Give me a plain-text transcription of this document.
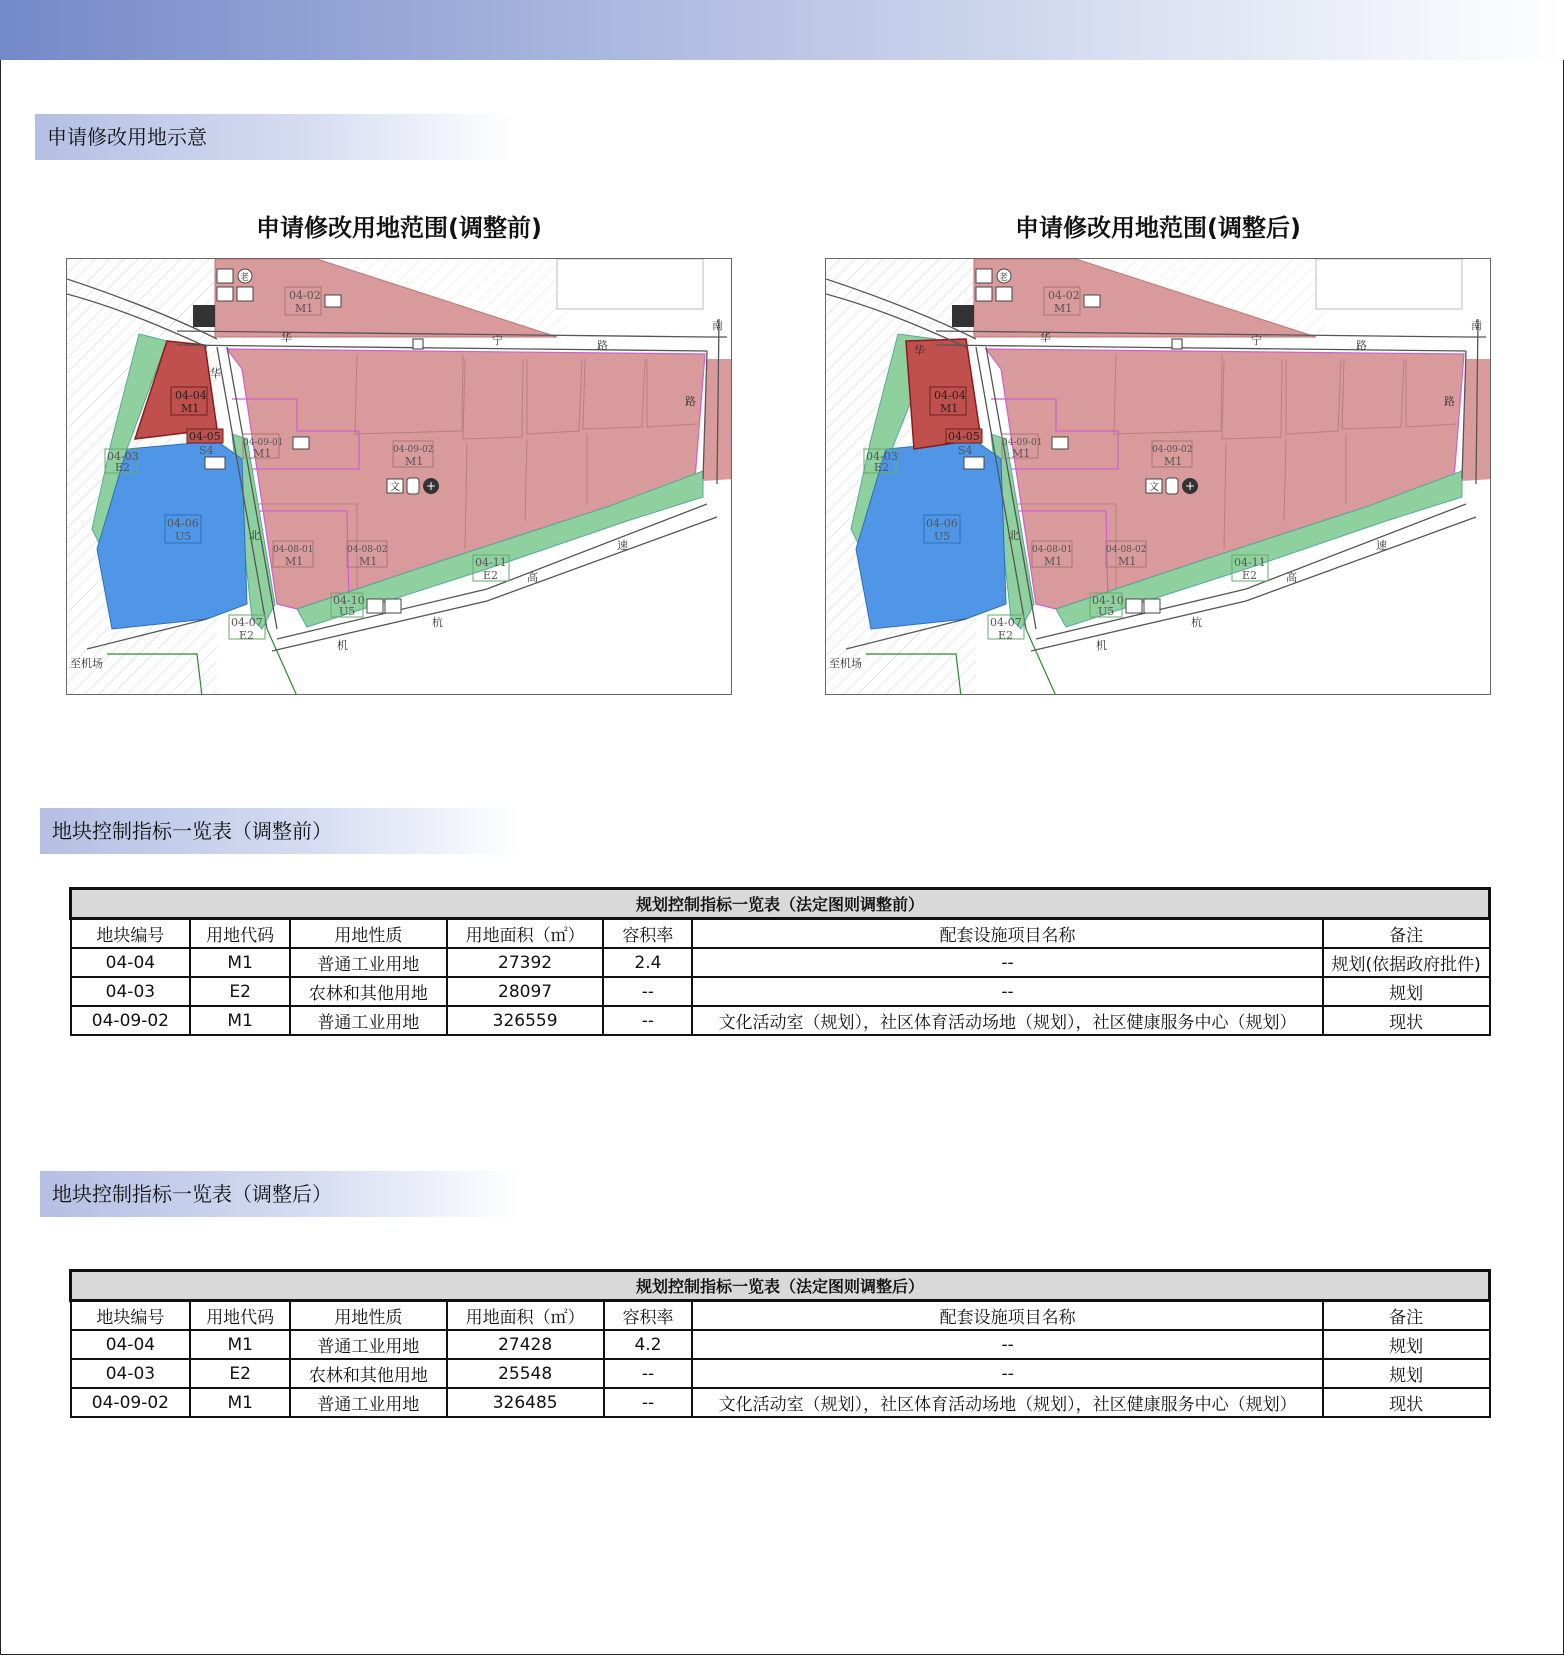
申请修改用地示意
申请修改用地范围(调整前)
04-02
M1
04-04
M1
04-05
S4
04-03
E2
04-06
U5
04-09-01
M1	04-09-02
M1
04-08-01
M1
04-08-02
M1	04-11
E2
04-10
U5
04-07
E2
文 +
老
华	宁	路
华
路
南
北
速
高
杭
机
至机场
申请修改用地范围(调整后)
04-02
M1
04-04
M1
04-05
S4
04-03
E2
04-06
U5
04-09-01
M1	04-09-02
M1
04-08-01
M1
04-08-02
M1	04-11
E2
04-10
U5
04-07
E2
文 +
老
华	宁	路
华
路
南
北
速
高
杭
机
至机场
地块控制指标一览表（调整前）
规划控制指标一览表（法定图则调整前）						
地块编号	用地代码	用地性质	用地面积（㎡）	容积率	配套设施项目名称	备注
04-04	M1	普通工业用地	27392	2.4	--	规划(依据政府批件)
04-03	E2	农林和其他用地	28097	--	--	规划
04-09-02	M1	普通工业用地	326559	--	文化活动室（规划），社区体育活动场地（规划），社区健康服务中心（规划）	现状
地块控制指标一览表（调整后）
规划控制指标一览表（法定图则调整后）						
地块编号	用地代码	用地性质	用地面积（㎡）	容积率	配套设施项目名称	备注
04-04	M1	普通工业用地	27428	4.2	--	规划
04-03	E2	农林和其他用地	25548	--	--	规划
04-09-02	M1	普通工业用地	326485	--	文化活动室（规划），社区体育活动场地（规划），社区健康服务中心（规划）	现状
